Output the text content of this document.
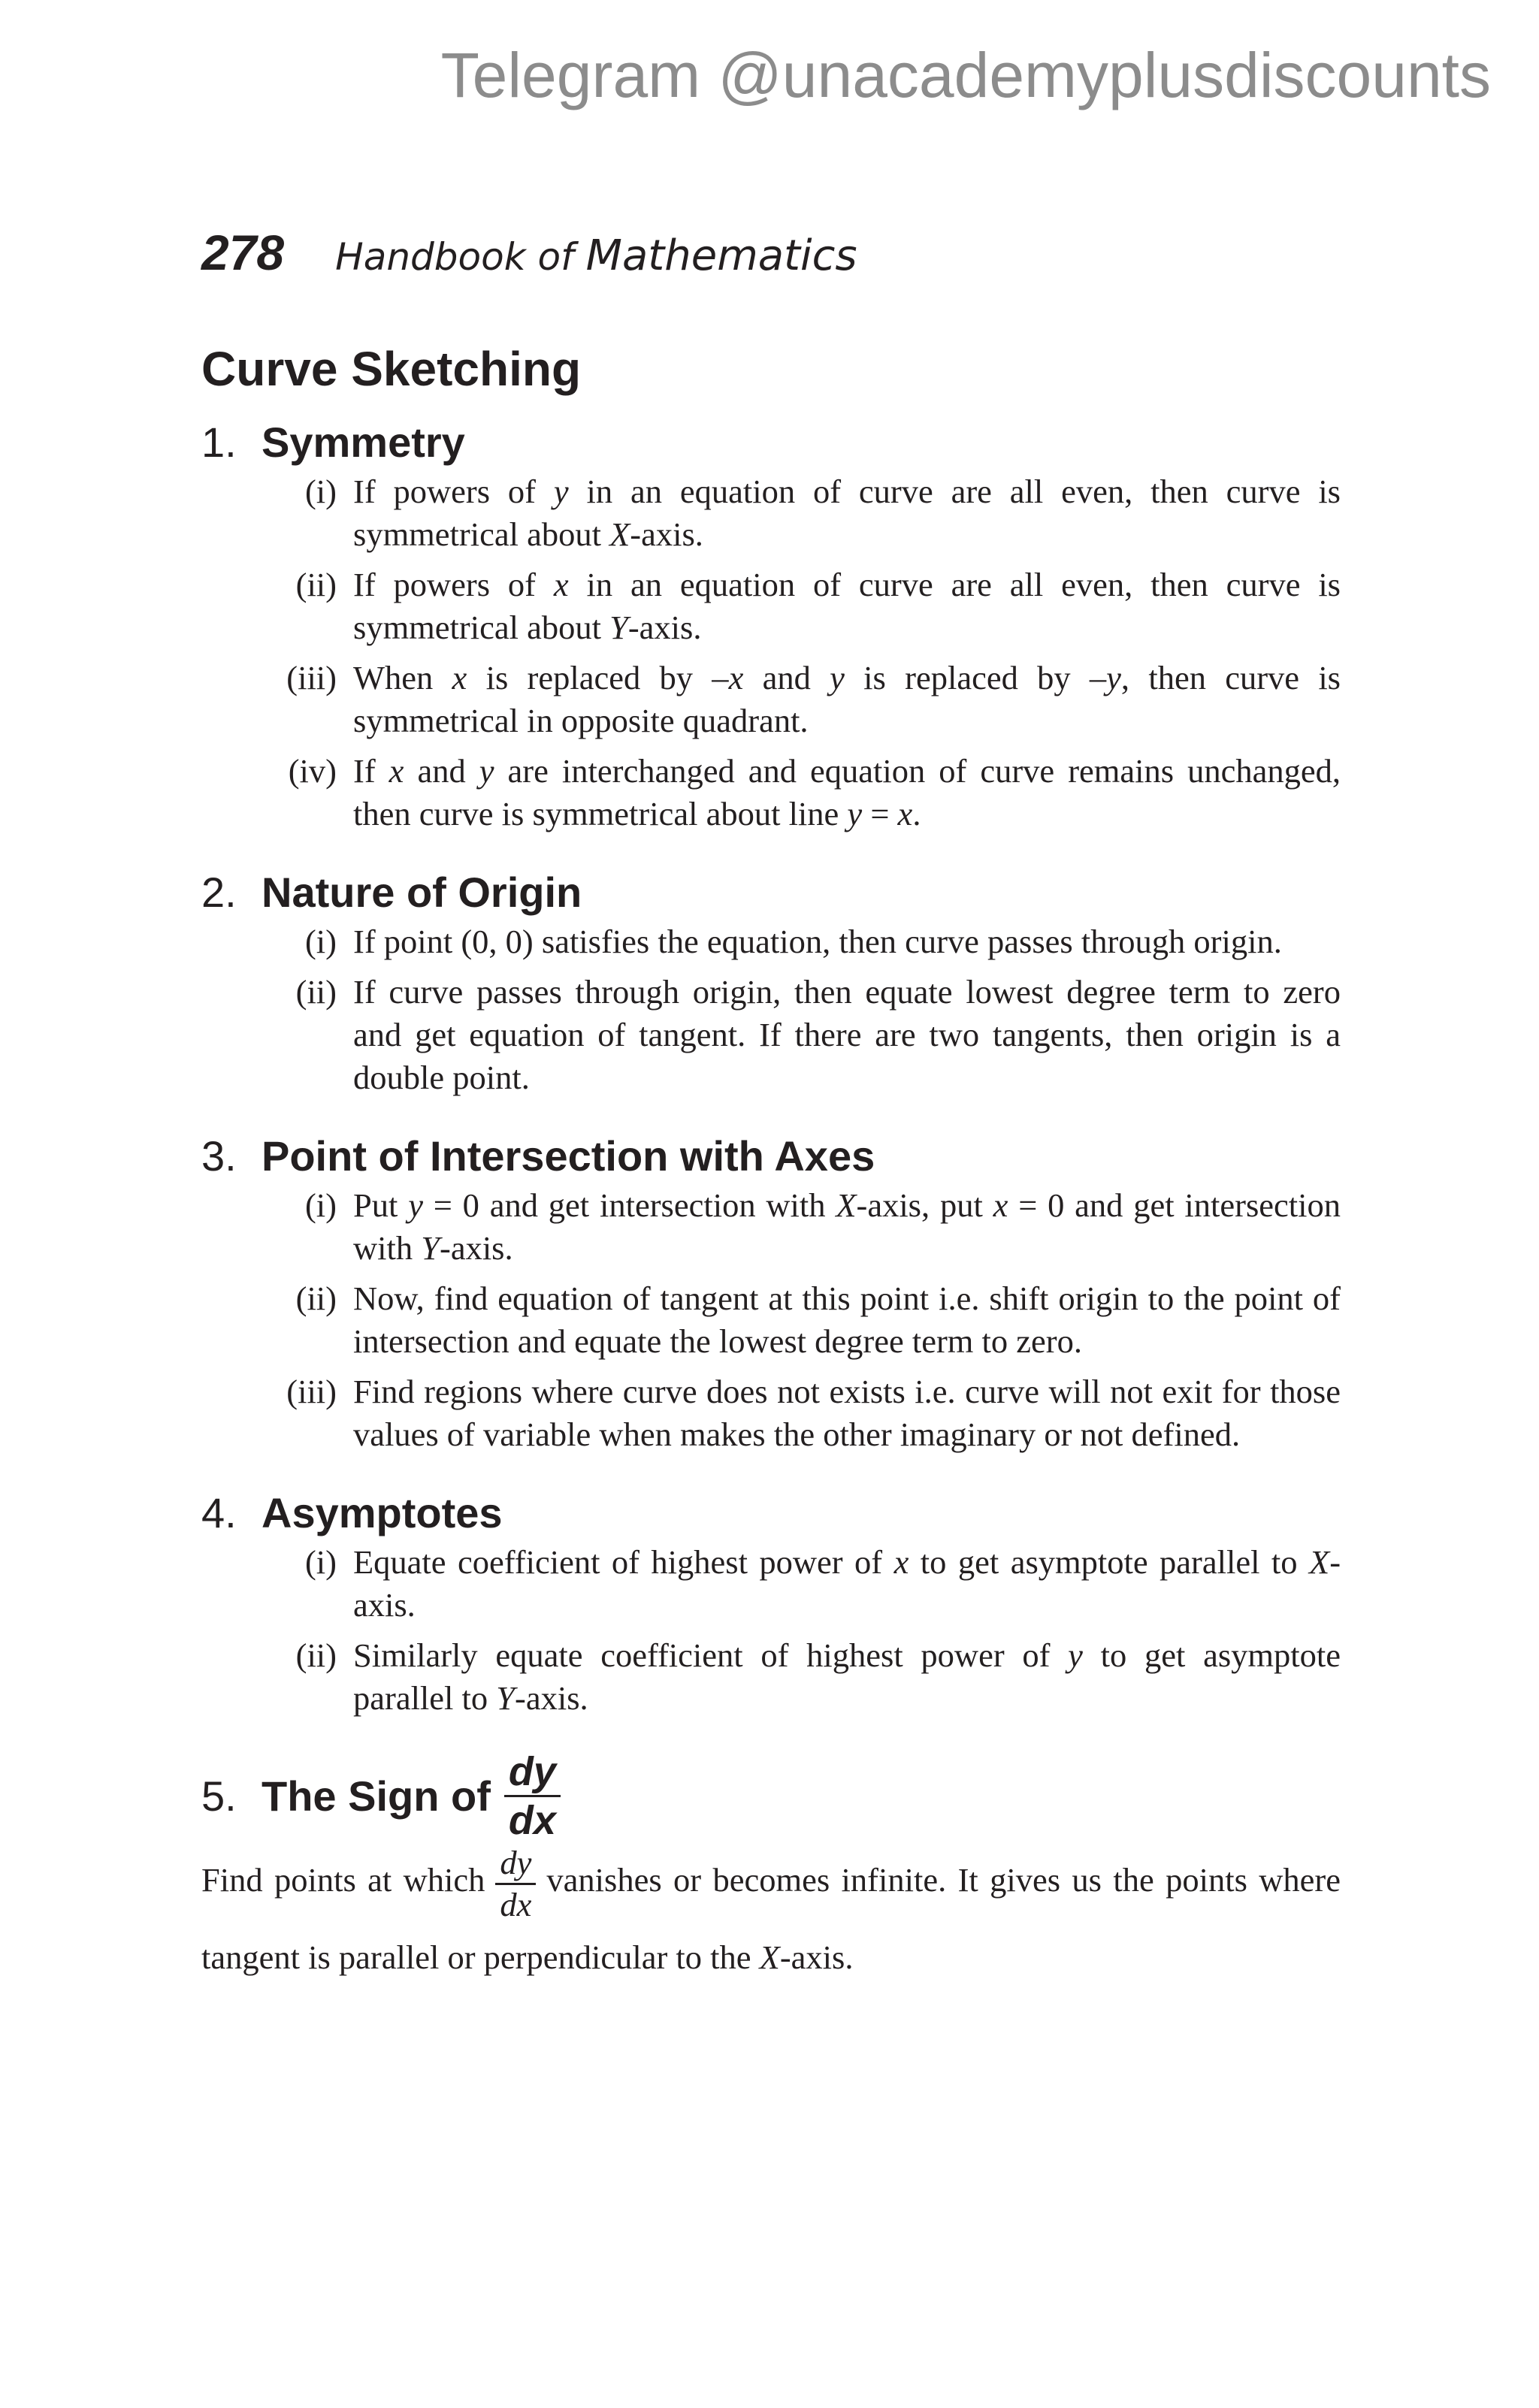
Telegram @unacademyplusdiscounts
278 Handbook of Mathematics
Curve Sketching
1. Symmetry
(i) If powers of y in an equation of curve are all even, then curve is symmetrical about X-axis.
(ii) If powers of x in an equation of curve are all even, then curve is symmetrical about Y-axis.
(iii) When x is replaced by –x and y is replaced by –y, then curve is symmetrical in opposite quadrant.
(iv) If x and y are interchanged and equation of curve remains unchanged, then curve is symmetrical about line y = x.
2. Nature of Origin
(i) If point (0, 0) satisfies the equation, then curve passes through origin.
(ii) If curve passes through origin, then equate lowest degree term to zero and get equation of tangent. If there are two tangents, then origin is a double point.
3. Point of Intersection with Axes
(i) Put y = 0 and get intersection with X-axis, put x = 0 and get intersection with Y-axis.
(ii) Now, find equation of tangent at this point i.e. shift origin to the point of intersection and equate the lowest degree term to zero.
(iii) Find regions where curve does not exists i.e. curve will not exit for those values of variable when makes the other imaginary or not defined.
4. Asymptotes
(i) Equate coefficient of highest power of x to get asymptote parallel to X-axis.
(ii) Similarly equate coefficient of highest power of y to get asymptote parallel to Y-axis.
5. The Sign of $\frac{dy}{dx}$

Find points at which $\frac{dy}{dx}$ vanishes or becomes infinite. It gives us the points where tangent is parallel or perpendicular to the X-axis.
